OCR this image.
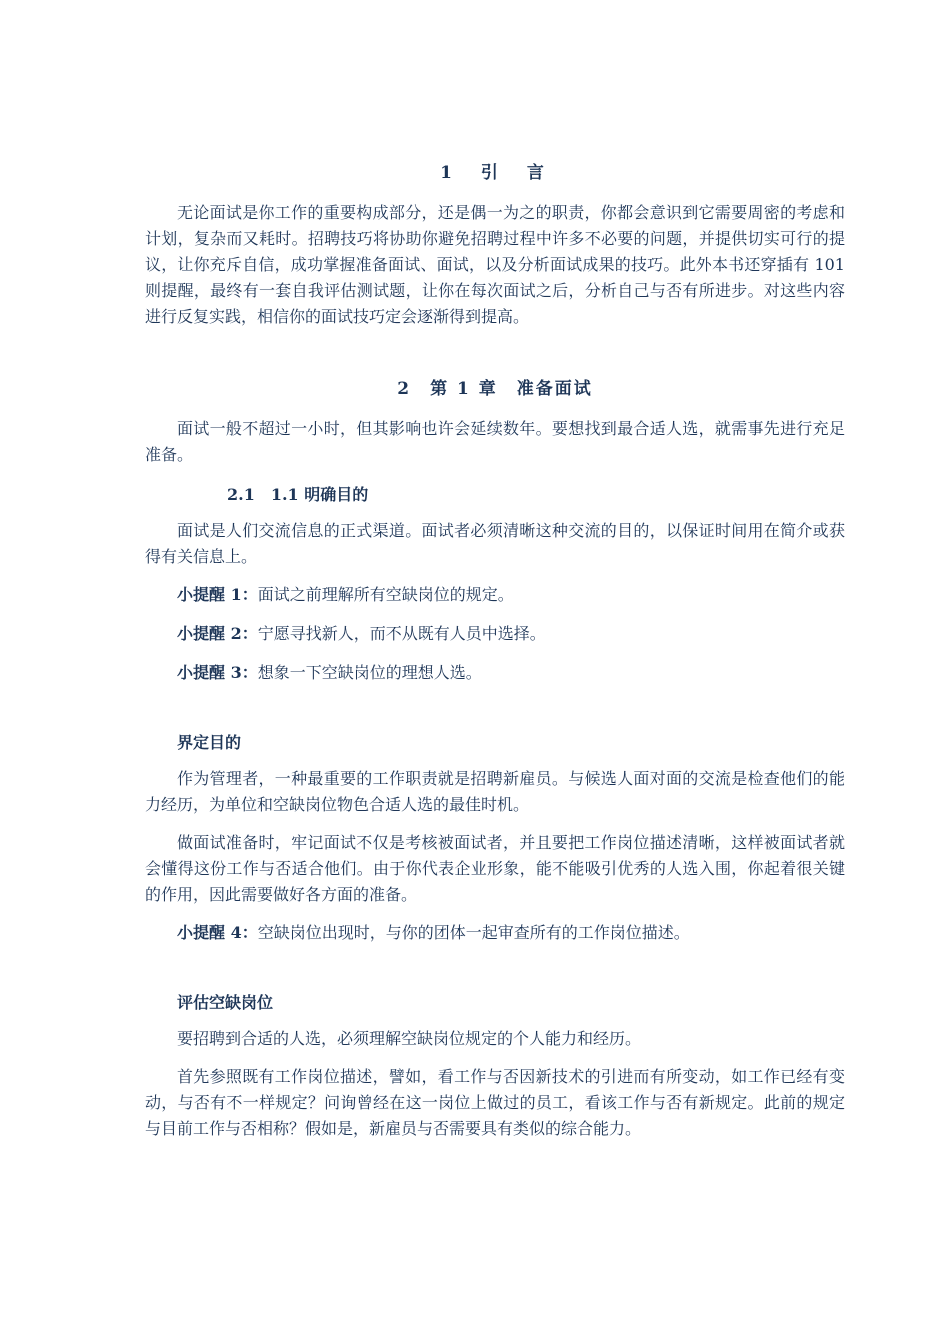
1　引　言

无论面试是你工作的重要构成部分，还是偶一为之的职责，你都会意识到它需要周密的考虑和计划，复杂而又耗时。招聘技巧将协助你避免招聘过程中许多不必要的问题，并提供切实可行的提议，让你充斥自信，成功掌握准备面试、面试，以及分析面试成果的技巧。此外本书还穿插有 101 则提醒，最终有一套自我评估测试题，让你在每次面试之后，分析自己与否有所进步。对这些内容进行反复实践，相信你的面试技巧定会逐渐得到提高。

2　第 1 章　准备面试

面试一般不超过一小时，但其影响也许会延续数年。要想找到最合适人选，就需事先进行充足准备。

2.1　1.1 明确目的

面试是人们交流信息的正式渠道。面试者必须清晰这种交流的目的，以保证时间用在简介或获得有关信息上。

小提醒 1：面试之前理解所有空缺岗位的规定。

小提醒 2：宁愿寻找新人，而不从既有人员中选择。

小提醒 3：想象一下空缺岗位的理想人选。

界定目的

作为管理者，一种最重要的工作职责就是招聘新雇员。与候选人面对面的交流是检查他们的能力经历，为单位和空缺岗位物色合适人选的最佳时机。

做面试准备时，牢记面试不仅是考核被面试者，并且要把工作岗位描述清晰，这样被面试者就会懂得这份工作与否适合他们。由于你代表企业形象，能不能吸引优秀的人选入围，你起着很关键的作用，因此需要做好各方面的准备。

小提醒 4：空缺岗位出现时，与你的团体一起审查所有的工作岗位描述。

评估空缺岗位

要招聘到合适的人选，必须理解空缺岗位规定的个人能力和经历。

首先参照既有工作岗位描述，譬如，看工作与否因新技术的引进而有所变动，如工作已经有变动，与否有不一样规定？问询曾经在这一岗位上做过的员工，看该工作与否有新规定。此前的规定与目前工作与否相称？假如是，新雇员与否需要具有类似的综合能力。
